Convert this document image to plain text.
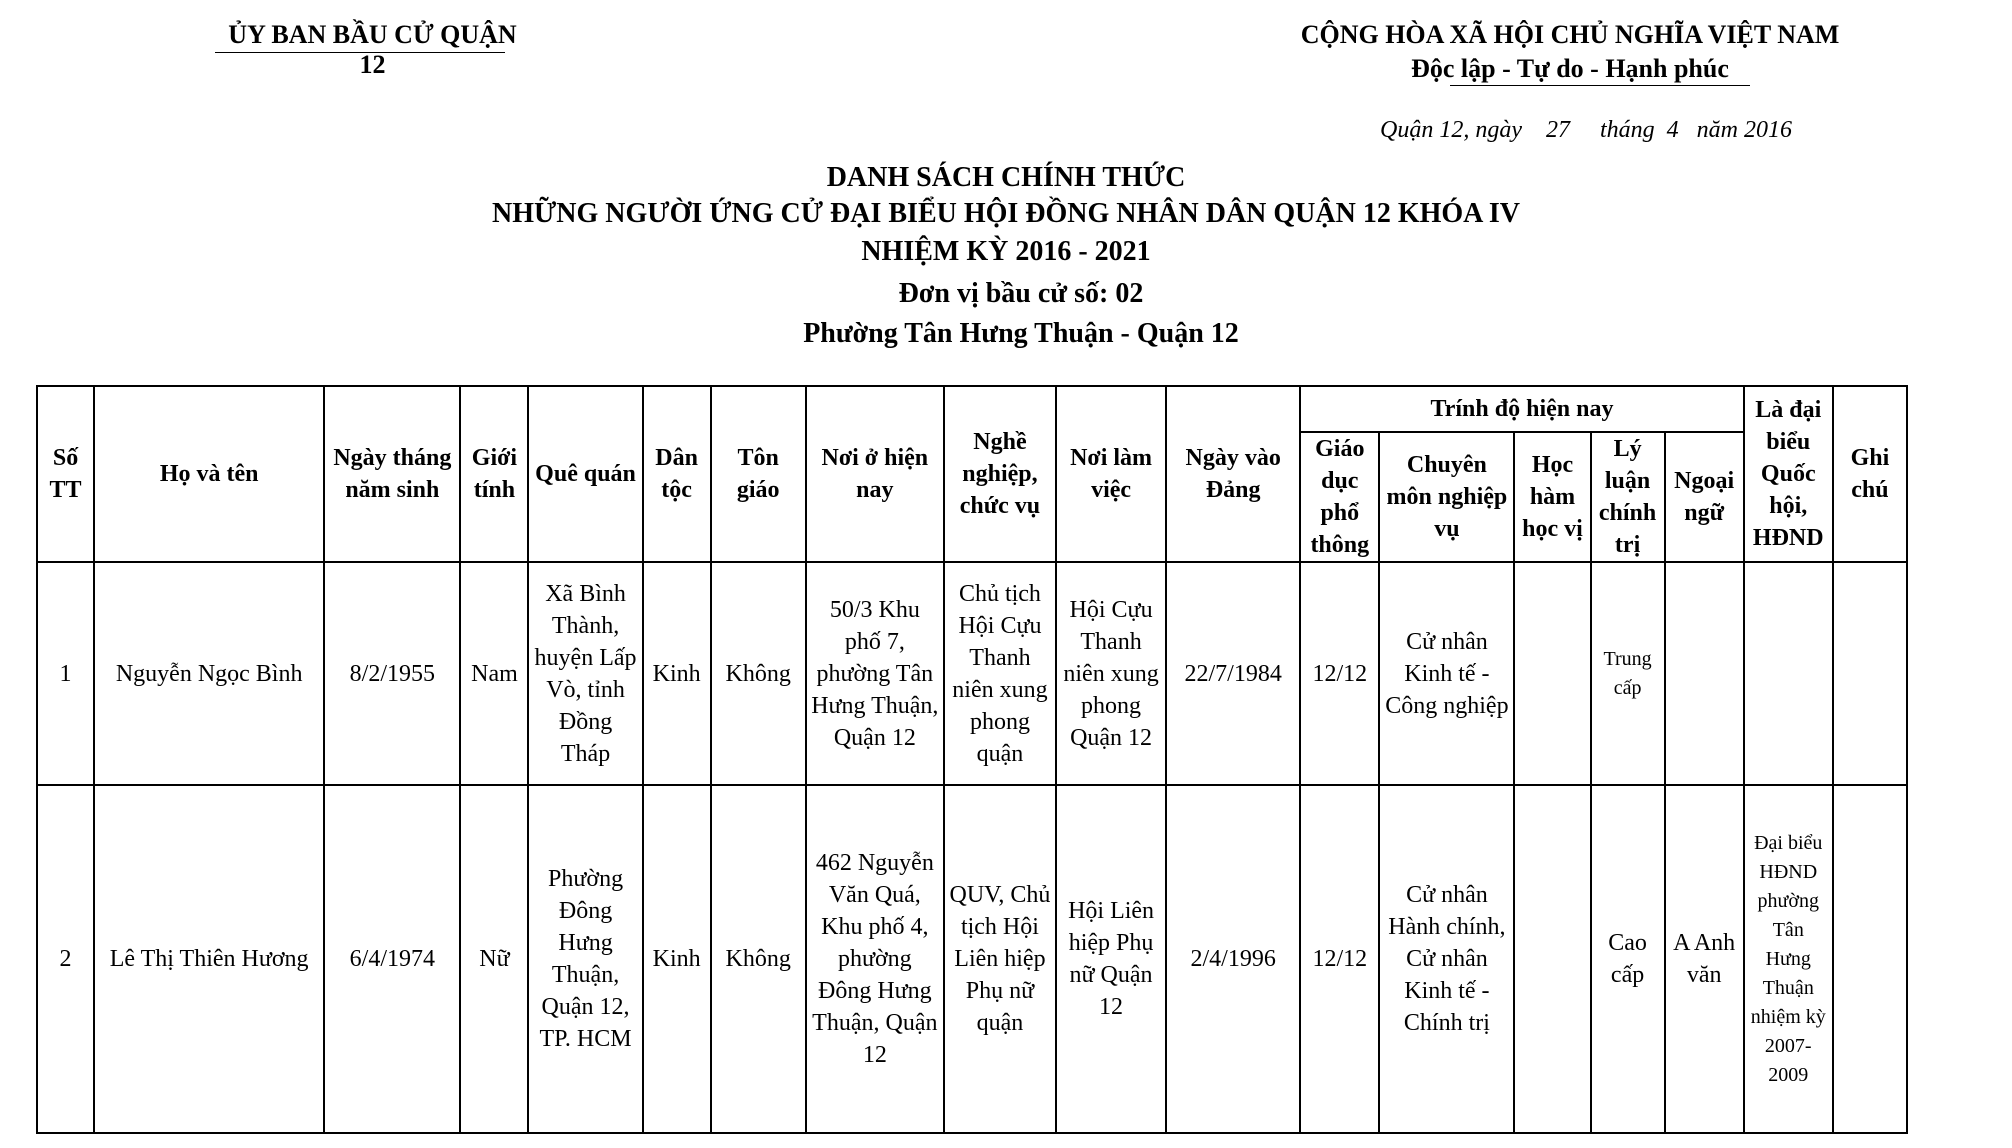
ỦY BAN BẦU CỬ QUẬN 12
CỘNG HÒA XÃ HỘI CHỦ NGHĨA VIỆT NAM
Độc lập - Tự do - Hạnh phúc
Quận 12, ngày    27     tháng  4   năm 2016
DANH SÁCH CHÍNH THỨC
NHỮNG NGƯỜI ỨNG CỬ ĐẠI BIỂU HỘI ĐỒNG NHÂN DÂN QUẬN 12 KHÓA IV
NHIỆM KỲ 2016 - 2021
Đơn vị bầu cử số: 02
Phường Tân Hưng Thuận - Quận 12
Số TT	Họ và tên	Ngày tháng năm sinh	Giới tính	Quê quán	Dân tộc	Tôn giáo	Nơi ở hiện nay	Nghề nghiệp, chức vụ	Nơi làm việc	Ngày vào Đảng	Trính độ hiện nay					Là đại biểu Quốc hội, HĐND	Ghi chú
											Giáo dục phổ thông	Chuyên môn nghiệp vụ	Học hàm học vị	Lý luận chính trị	Ngoại ngữ		
1	Nguyễn Ngọc Bình	8/2/1955	Nam	Xã Bình Thành, huyện Lấp Vò, tỉnh Đồng Tháp	Kinh	Không	50/3 Khu phố 7, phường Tân Hưng Thuận, Quận 12	Chủ tịch Hội Cựu Thanh niên xung phong quận	Hội Cựu Thanh niên xung phong Quận 12	22/7/1984	12/12	Cử nhân Kinh tế - Công nghiệp		Trung cấp			
2	Lê Thị Thiên Hương	6/4/1974	Nữ	Phường Đông Hưng Thuận, Quận 12, TP. HCM	Kinh	Không	462 Nguyễn Văn Quá, Khu phố 4, phường Đông Hưng Thuận, Quận 12	QUV, Chủ tịch Hội Liên hiệp Phụ nữ quận	Hội Liên hiệp Phụ nữ Quận 12	2/4/1996	12/12	Cử nhân Hành chính, Cử nhân Kinh tế - Chính trị		Cao cấp	A Anh văn	Đại biểu HĐND phường Tân Hưng Thuận nhiệm kỳ 2007-2009	
